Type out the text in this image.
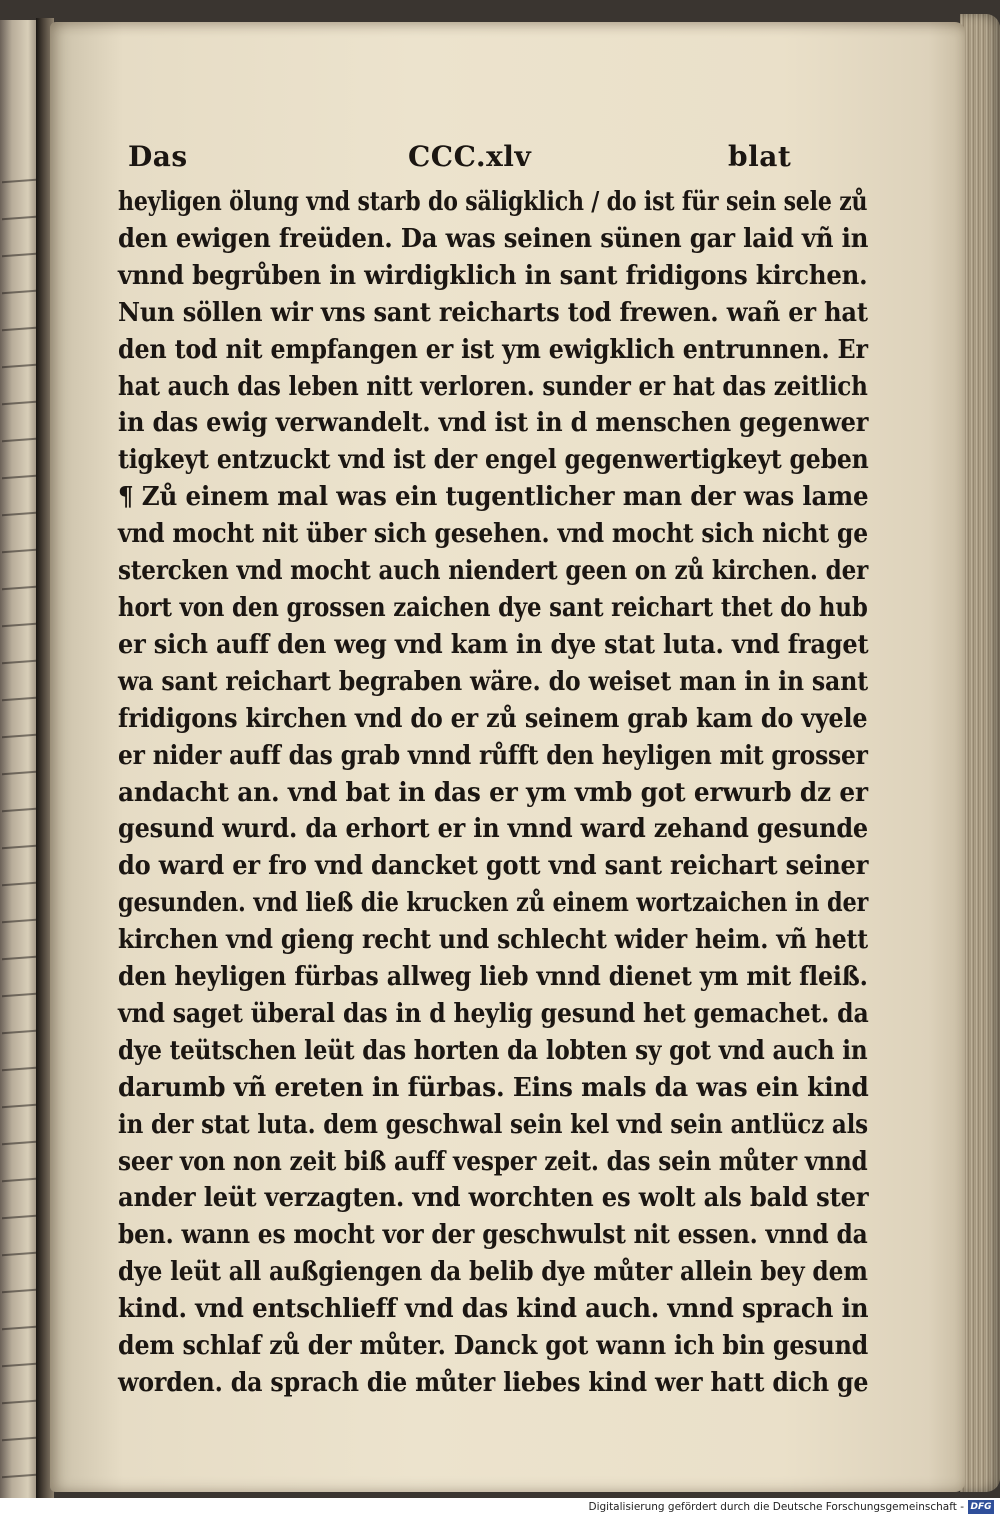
Das	CCC.xlv	blat
heyligen ölung vnd starb do säligklich / do ist für sein sele zů
den ewigen freüden. Da was seinen sünen gar laid vñ in
vnnd begrůben in wirdigklich in sant fridigons kirchen.
Nun söllen wir vns sant reicharts tod frewen. wañ er hat
den tod nit empfangen er ist ym ewigklich entrunnen. Er
hat auch das leben nitt verloren. sunder er hat das zeitlich
in das ewig verwandelt. vnd ist in d menschen gegenwer
tigkeyt entzuckt vnd ist der engel gegenwertigkeyt geben
¶ Zů einem mal was ein tugentlicher man der was lame
vnd mocht nit über sich gesehen. vnd mocht sich nicht ge
stercken vnd mocht auch niendert geen on zů kirchen. der
hort von den grossen zaichen dye sant reichart thet do hub
er sich auff den weg vnd kam in dye stat luta. vnd fraget
wa sant reichart begraben wäre. do weiset man in in sant
fridigons kirchen vnd do er zů seinem grab kam do vyele
er nider auff das grab vnnd růfft den heyligen mit grosser
andacht an. vnd bat in das er ym vmb got erwurb dz er
gesund wurd. da erhort er in vnnd ward zehand gesunde
do ward er fro vnd dancket gott vnd sant reichart seiner
gesunden. vnd ließ die krucken zů einem wortzaichen in der
kirchen vnd gieng recht und schlecht wider heim. vñ hett
den heyligen fürbas allweg lieb vnnd dienet ym mit fleiß.
vnd saget überal das in d heylig gesund het gemachet. da
dye teütschen leüt das horten da lobten sy got vnd auch in
darumb vñ ereten in fürbas. Eins mals da was ein kind
in der stat luta. dem geschwal sein kel vnd sein antlücz als
seer von non zeit biß auff vesper zeit. das sein můter vnnd
ander leüt verzagten. vnd worchten es wolt als bald ster
ben. wann es mocht vor der geschwulst nit essen. vnnd da
dye leüt all außgiengen da belib dye můter allein bey dem
kind. vnd entschlieff vnd das kind auch. vnnd sprach in
dem schlaf zů der můter. Danck got wann ich bin gesund
worden. da sprach die můter liebes kind wer hatt dich ge
Digitalisierung gefördert durch die Deutsche Forschungsgemeinschaft - DFG
